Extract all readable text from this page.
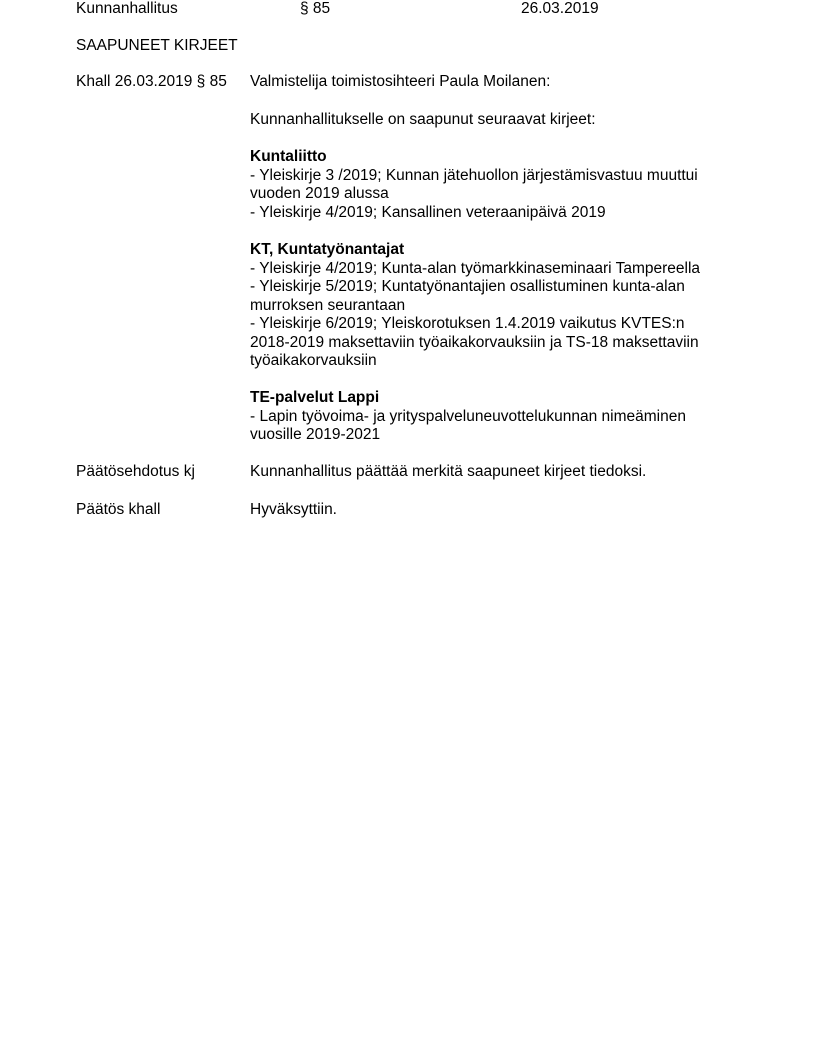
Kunnanhallitus	§ 85	26.03.2019
SAAPUNEET KIRJEET
Khall 26.03.2019 § 85
Päätösehdotus kj
Päätös khall
Valmistelija toimistosihteeri Paula Moilanen:
Kunnanhallitukselle on saapunut seuraavat kirjeet:
Kuntaliitto
- Yleiskirje 3 /2019; Kunnan jätehuollon järjestämisvastuu muuttui
vuoden 2019 alussa
- Yleiskirje 4/2019; Kansallinen veteraanipäivä 2019
KT, Kuntatyönantajat
- Yleiskirje 4/2019; Kunta-alan työmarkkinaseminaari Tampereella
- Yleiskirje 5/2019; Kuntatyönantajien osallistuminen kunta-alan
murroksen seurantaan
- Yleiskirje 6/2019; Yleiskorotuksen 1.4.2019 vaikutus KVTES:n
2018-2019 maksettaviin työaikakorvauksiin ja TS-18 maksettaviin
työaikakorvauksiin
TE-palvelut Lappi
- Lapin työvoima- ja yrityspalveluneuvottelukunnan nimeäminen
vuosille 2019-2021
Kunnanhallitus päättää merkitä saapuneet kirjeet tiedoksi.
Hyväksyttiin.
